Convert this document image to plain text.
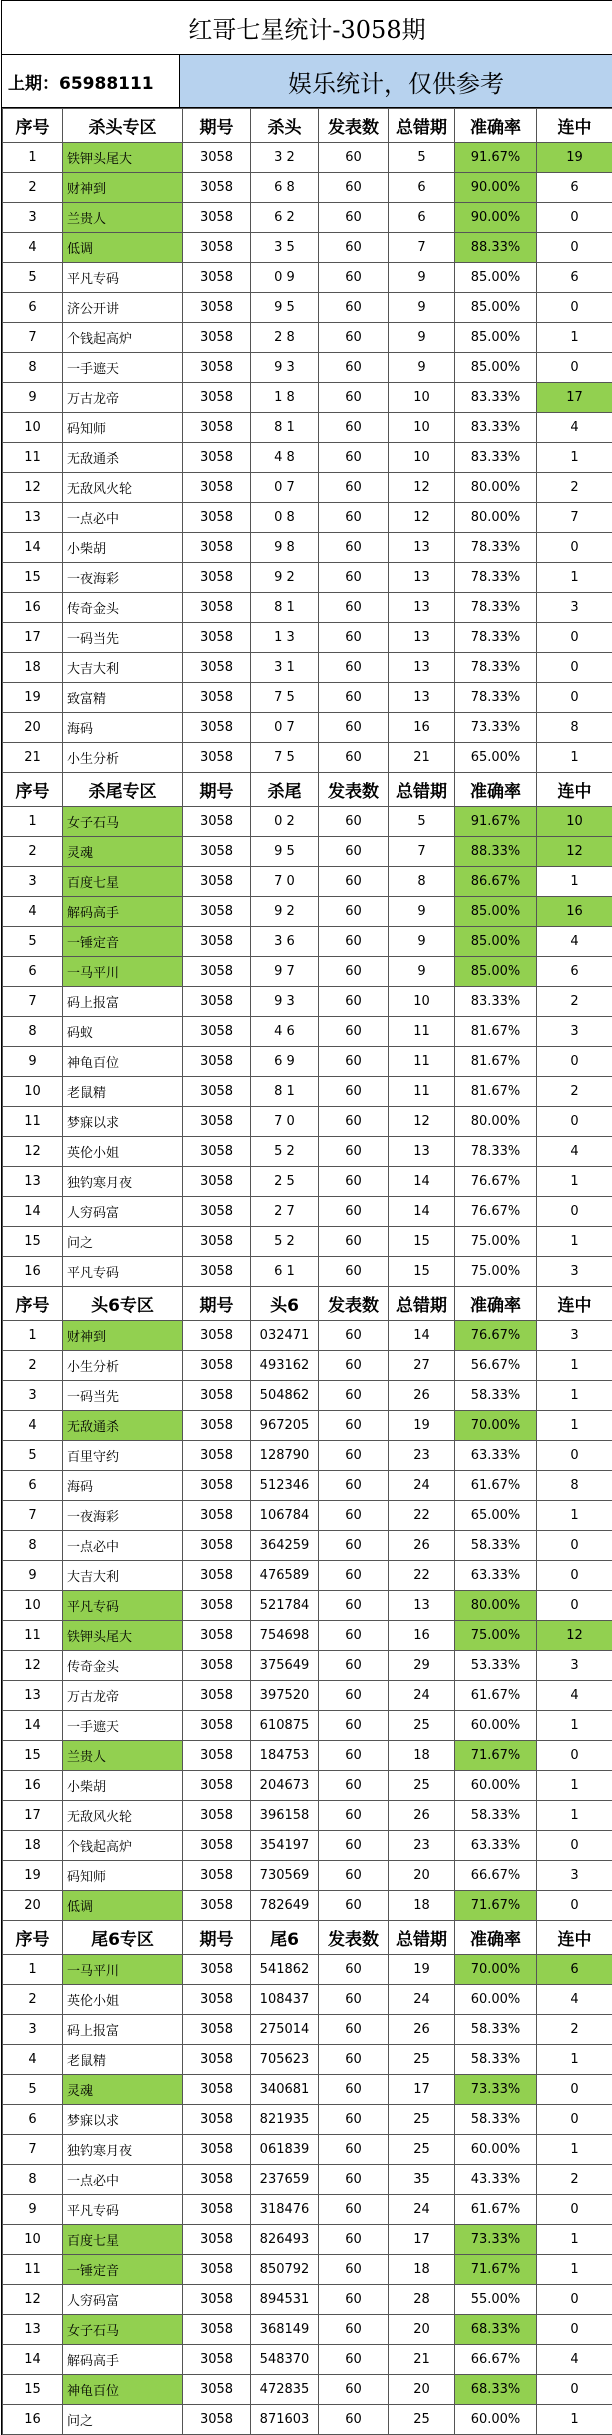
红哥七星统计-3058期
上期：65988111	娱乐统计，仅供参考
序号	杀头专区	期号	杀头	发表数	总错期	准确率	连中
1	铁钾头尾大	3058	3 2	60	5	91.67%	19
2	财神到	3058	6 8	60	6	90.00%	6
3	兰贵人	3058	6 2	60	6	90.00%	0
4	低调	3058	3 5	60	7	88.33%	0
5	平凡专码	3058	0 9	60	9	85.00%	6
6	济公开讲	3058	9 5	60	9	85.00%	0
7	个钱起高炉	3058	2 8	60	9	85.00%	1
8	一手遮天	3058	9 3	60	9	85.00%	0
9	万古龙帝	3058	1 8	60	10	83.33%	17
10	码知师	3058	8 1	60	10	83.33%	4
11	无敌通杀	3058	4 8	60	10	83.33%	1
12	无敌风火轮	3058	0 7	60	12	80.00%	2
13	一点必中	3058	0 8	60	12	80.00%	7
14	小柴胡	3058	9 8	60	13	78.33%	0
15	一夜海彩	3058	9 2	60	13	78.33%	1
16	传奇金头	3058	8 1	60	13	78.33%	3
17	一码当先	3058	1 3	60	13	78.33%	0
18	大吉大利	3058	3 1	60	13	78.33%	0
19	致富精	3058	7 5	60	13	78.33%	0
20	海码	3058	0 7	60	16	73.33%	8
21	小生分析	3058	7 5	60	21	65.00%	1
序号	杀尾专区	期号	杀尾	发表数	总错期	准确率	连中
1	女子石马	3058	0 2	60	5	91.67%	10
2	灵魂	3058	9 5	60	7	88.33%	12
3	百度七星	3058	7 0	60	8	86.67%	1
4	解码高手	3058	9 2	60	9	85.00%	16
5	一锤定音	3058	3 6	60	9	85.00%	4
6	一马平川	3058	9 7	60	9	85.00%	6
7	码上报富	3058	9 3	60	10	83.33%	2
8	码蚁	3058	4 6	60	11	81.67%	3
9	神龟百位	3058	6 9	60	11	81.67%	0
10	老鼠精	3058	8 1	60	11	81.67%	2
11	梦寐以求	3058	7 0	60	12	80.00%	0
12	英伦小姐	3058	5 2	60	13	78.33%	4
13	独钓寒月夜	3058	2 5	60	14	76.67%	1
14	人穷码富	3058	2 7	60	14	76.67%	0
15	问之	3058	5 2	60	15	75.00%	1
16	平凡专码	3058	6 1	60	15	75.00%	3
序号	头6专区	期号	头6	发表数	总错期	准确率	连中
1	财神到	3058	032471	60	14	76.67%	3
2	小生分析	3058	493162	60	27	56.67%	1
3	一码当先	3058	504862	60	26	58.33%	1
4	无敌通杀	3058	967205	60	19	70.00%	1
5	百里守约	3058	128790	60	23	63.33%	0
6	海码	3058	512346	60	24	61.67%	8
7	一夜海彩	3058	106784	60	22	65.00%	1
8	一点必中	3058	364259	60	26	58.33%	0
9	大吉大利	3058	476589	60	22	63.33%	0
10	平凡专码	3058	521784	60	13	80.00%	0
11	铁钾头尾大	3058	754698	60	16	75.00%	12
12	传奇金头	3058	375649	60	29	53.33%	3
13	万古龙帝	3058	397520	60	24	61.67%	4
14	一手遮天	3058	610875	60	25	60.00%	1
15	兰贵人	3058	184753	60	18	71.67%	0
16	小柴胡	3058	204673	60	25	60.00%	1
17	无敌风火轮	3058	396158	60	26	58.33%	1
18	个钱起高炉	3058	354197	60	23	63.33%	0
19	码知师	3058	730569	60	20	66.67%	3
20	低调	3058	782649	60	18	71.67%	0
序号	尾6专区	期号	尾6	发表数	总错期	准确率	连中
1	一马平川	3058	541862	60	19	70.00%	6
2	英伦小姐	3058	108437	60	24	60.00%	4
3	码上报富	3058	275014	60	26	58.33%	2
4	老鼠精	3058	705623	60	25	58.33%	1
5	灵魂	3058	340681	60	17	73.33%	0
6	梦寐以求	3058	821935	60	25	58.33%	0
7	独钓寒月夜	3058	061839	60	25	60.00%	1
8	一点必中	3058	237659	60	35	43.33%	2
9	平凡专码	3058	318476	60	24	61.67%	0
10	百度七星	3058	826493	60	17	73.33%	1
11	一锤定音	3058	850792	60	18	71.67%	1
12	人穷码富	3058	894531	60	28	55.00%	0
13	女子石马	3058	368149	60	20	68.33%	0
14	解码高手	3058	548370	60	21	66.67%	4
15	神龟百位	3058	472835	60	20	68.33%	0
16	问之	3058	871603	60	25	60.00%	1
